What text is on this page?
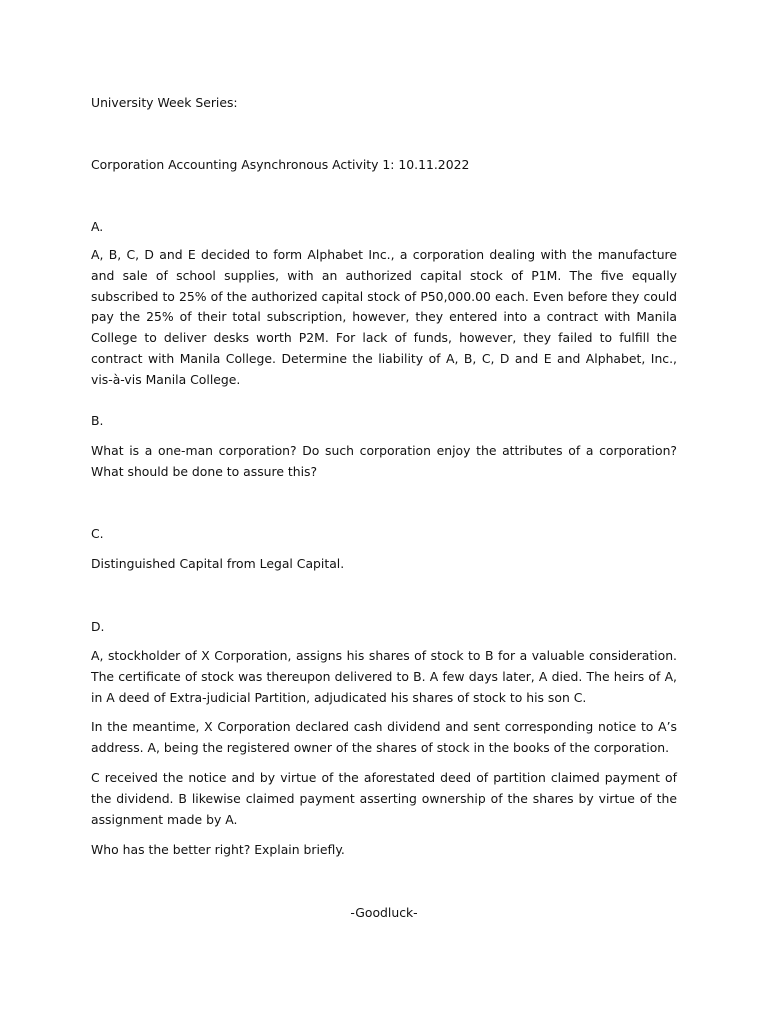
University Week Series:

Corporation Accounting Asynchronous Activity 1: 10.11.2022

A.

A, B, C, D and E decided to form Alphabet Inc., a corporation dealing with the manufacture and sale of school supplies, with an authorized capital stock of P1M. The five equally subscribed to 25% of the authorized capital stock of P50,000.00 each. Even before they could pay the 25% of their total subscription, however, they entered into a contract with Manila College to deliver desks worth P2M. For lack of funds, however, they failed to fulfill the contract with Manila College. Determine the liability of A, B, C, D and E and Alphabet, Inc., vis-à-vis Manila College.

B.

What is a one-man corporation? Do such corporation enjoy the attributes of a corporation? What should be done to assure this?

C.

Distinguished Capital from Legal Capital.

D.

A, stockholder of X Corporation, assigns his shares of stock to B for a valuable consideration. The certificate of stock was thereupon delivered to B. A few days later, A died. The heirs of A, in A deed of Extra-judicial Partition, adjudicated his shares of stock to his son C.

In the meantime, X Corporation declared cash dividend and sent corresponding notice to A’s address. A, being the registered owner of the shares of stock in the books of the corporation.

C received the notice and by virtue of the aforestated deed of partition claimed payment of the dividend. B likewise claimed payment asserting ownership of the shares by virtue of the assignment made by A.

Who has the better right? Explain briefly.

-Goodluck-
